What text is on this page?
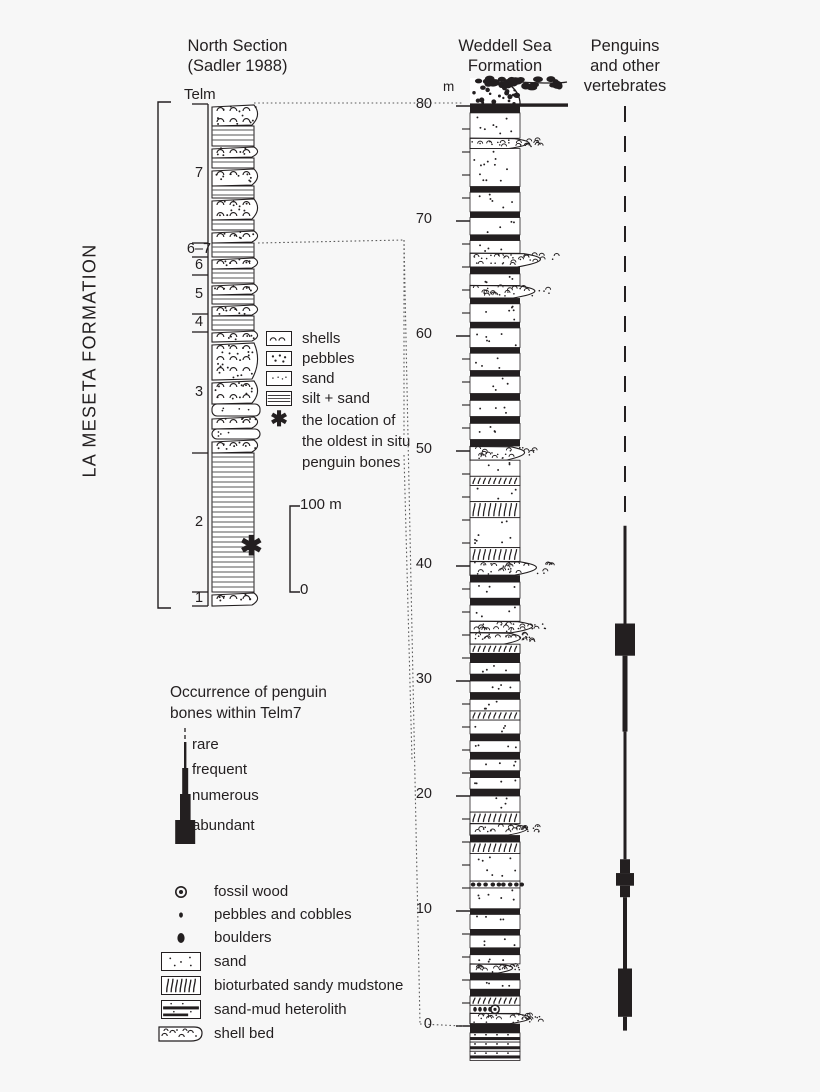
North Section
(Sadler 1988)
Telm
LA MESETA FORMATION
7
6–7
6
5
4
3
2
1
✱
shells
pebbles
sand
silt + sand
✱ the location of
the oldest in situ
penguin bones
100 m
0
Occurrence of penguin
bones within Telm7
rare
frequent
numerous
abundant
fossil wood
pebbles and cobbles
boulders
sand
bioturbated sandy mudstone
sand-mud heterolith
shell bed
Weddell Sea
Formation
m
0
10
20
30
40
50
60
70
80
Penguins
and other
vertebrates
